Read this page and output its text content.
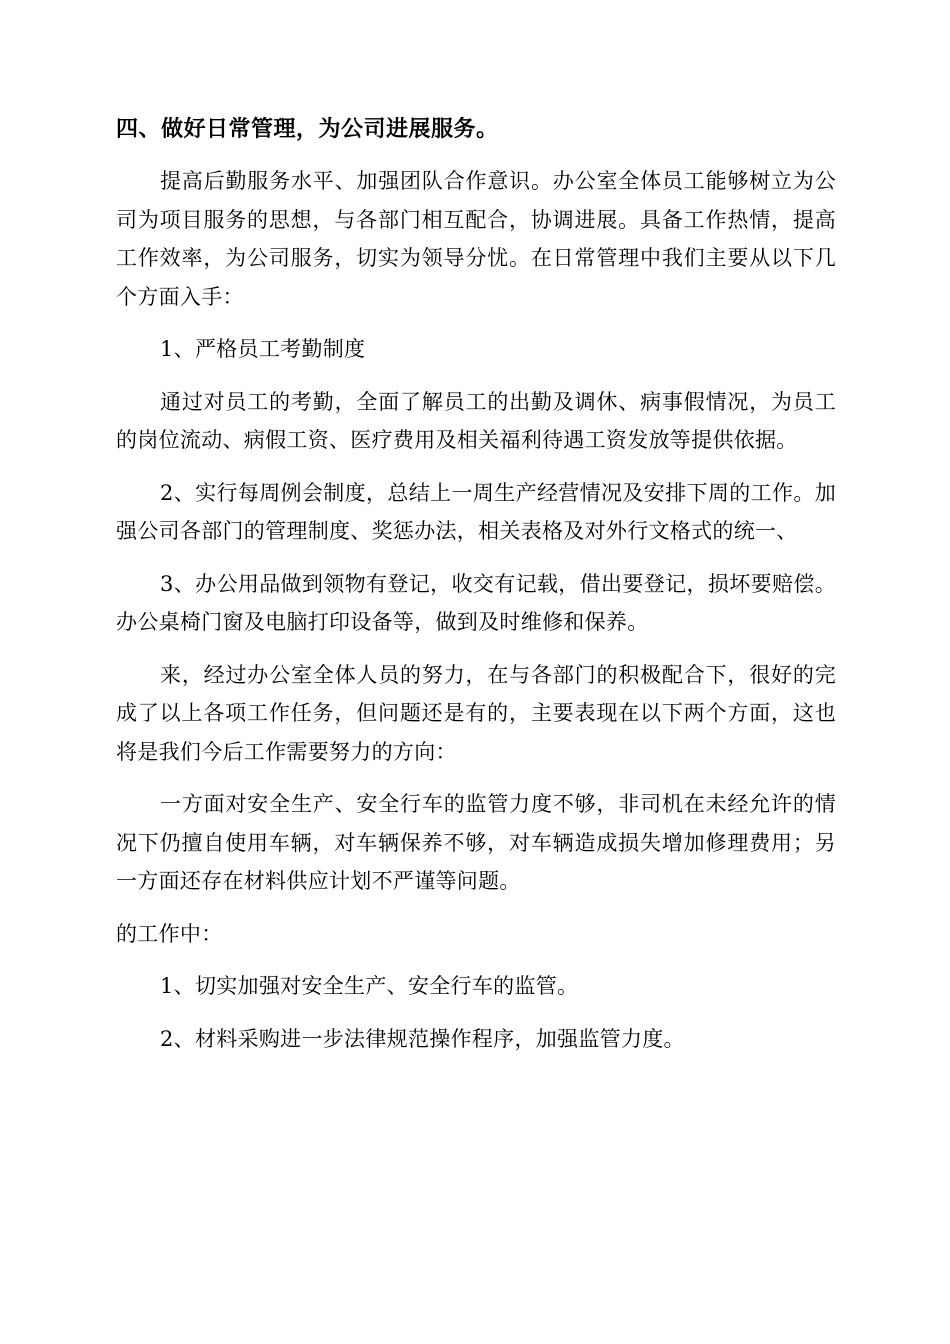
四、做好日常管理，为公司进展服务。

提高后勤服务水平、加强团队合作意识。办公室全体员工能够树立为公司为项目服务的思想，与各部门相互配合，协调进展。具备工作热情，提高工作效率，为公司服务，切实为领导分忧。在日常管理中我们主要从以下几个方面入手：

1、严格员工考勤制度

通过对员工的考勤，全面了解员工的出勤及调休、病事假情况，为员工的岗位流动、病假工资、医疗费用及相关福利待遇工资发放等提供依据。

2、实行每周例会制度，总结上一周生产经营情况及安排下周的工作。加强公司各部门的管理制度、奖惩办法，相关表格及对外行文格式的统一、

3、办公用品做到领物有登记，收交有记载，借出要登记，损坏要赔偿。办公桌椅门窗及电脑打印设备等，做到及时维修和保养。

来，经过办公室全体人员的努力，在与各部门的积极配合下，很好的完成了以上各项工作任务，但问题还是有的，主要表现在以下两个方面，这也将是我们今后工作需要努力的方向：

一方面对安全生产、安全行车的监管力度不够，非司机在未经允许的情况下仍擅自使用车辆，对车辆保养不够，对车辆造成损失增加修理费用；另一方面还存在材料供应计划不严谨等问题。

的工作中：

1、切实加强对安全生产、安全行车的监管。

2、材料采购进一步法律规范操作程序，加强监管力度。
